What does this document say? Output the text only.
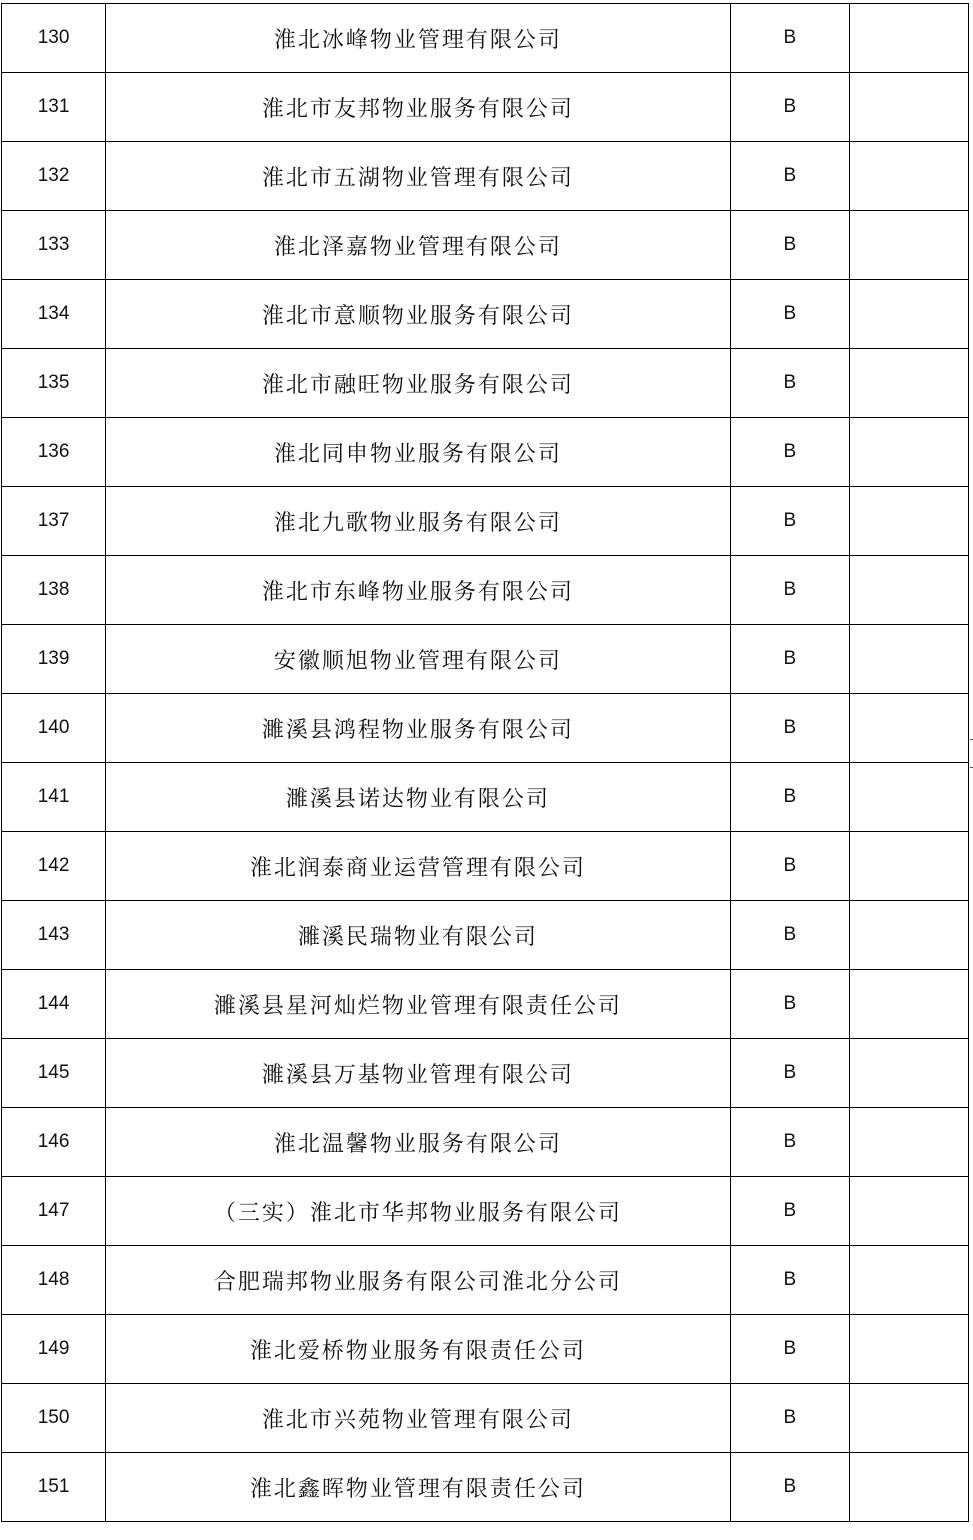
130	淮北冰峰物业管理有限公司	B	
131	淮北市友邦物业服务有限公司	B	
132	淮北市五湖物业管理有限公司	B	
133	淮北泽嘉物业管理有限公司	B	
134	淮北市意顺物业服务有限公司	B	
135	淮北市融旺物业服务有限公司	B	
136	淮北同申物业服务有限公司	B	
137	淮北九歌物业服务有限公司	B	
138	淮北市东峰物业服务有限公司	B	
139	安徽顺旭物业管理有限公司	B	
140	濉溪县鸿程物业服务有限公司	B	
141	濉溪县诺达物业有限公司	B	
142	淮北润泰商业运营管理有限公司	B	
143	濉溪民瑞物业有限公司	B	
144	濉溪县星河灿烂物业管理有限责任公司	B	
145	濉溪县万基物业管理有限公司	B	
146	淮北温馨物业服务有限公司	B	
147	（三实）淮北市华邦物业服务有限公司	B	
148	合肥瑞邦物业服务有限公司淮北分公司	B	
149	淮北爱桥物业服务有限责任公司	B	
150	淮北市兴苑物业管理有限公司	B	
151	淮北鑫晖物业管理有限责任公司	B	
